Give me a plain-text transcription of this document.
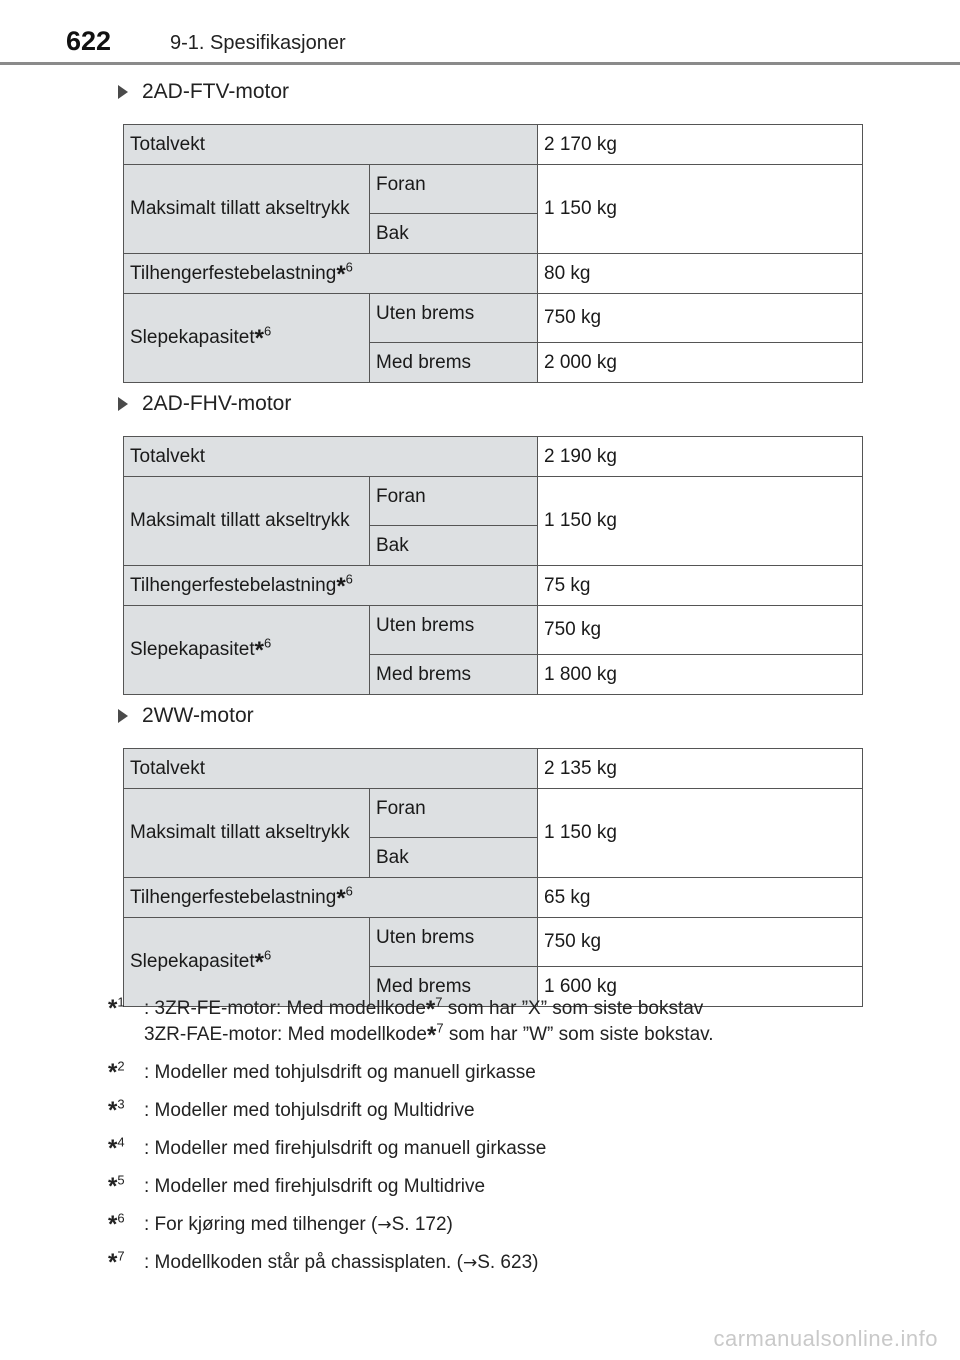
622	9-1. Spesifikasjoner
2AD-FTV-motor
Totalvekt		2 170 kg
Maksimalt tillatt akseltrykk	Foran	1 150 kg
	Bak	
Tilhengerfestebelastning*$^6$		80 kg
Slepekapasitet*$^6$	Uten brems	750 kg
	Med brems	2 000 kg
2AD-FHV-motor
Totalvekt		2 190 kg
Maksimalt tillatt akseltrykk	Foran	1 150 kg
	Bak	
Tilhengerfestebelastning*$^6$		75 kg
Slepekapasitet*$^6$	Uten brems	750 kg
	Med brems	1 800 kg
2WW-motor
Totalvekt		2 135 kg
Maksimalt tillatt akseltrykk	Foran	1 150 kg
	Bak	
Tilhengerfestebelastning*$^6$		65 kg
Slepekapasitet*$^6$	Uten brems	750 kg
	Med brems	1 600 kg
*$^1$	: 3ZR-FE-motor: Med modellkode*$^7$ som har ”X” som siste bokstav
3ZR-FAE-motor: Med modellkode*$^7$ som har ”W” som siste bokstav.
*$^2$	: Modeller med tohjulsdrift og manuell girkasse
*$^3$	: Modeller med tohjulsdrift og Multidrive
*$^4$	: Modeller med firehjulsdrift og manuell girkasse
*$^5$	: Modeller med firehjulsdrift og Multidrive
*$^6$	: For kjøring med tilhenger (→S. 172)
*$^7$	: Modellkoden står på chassisplaten. (→S. 623)
carmanualsonline.info
